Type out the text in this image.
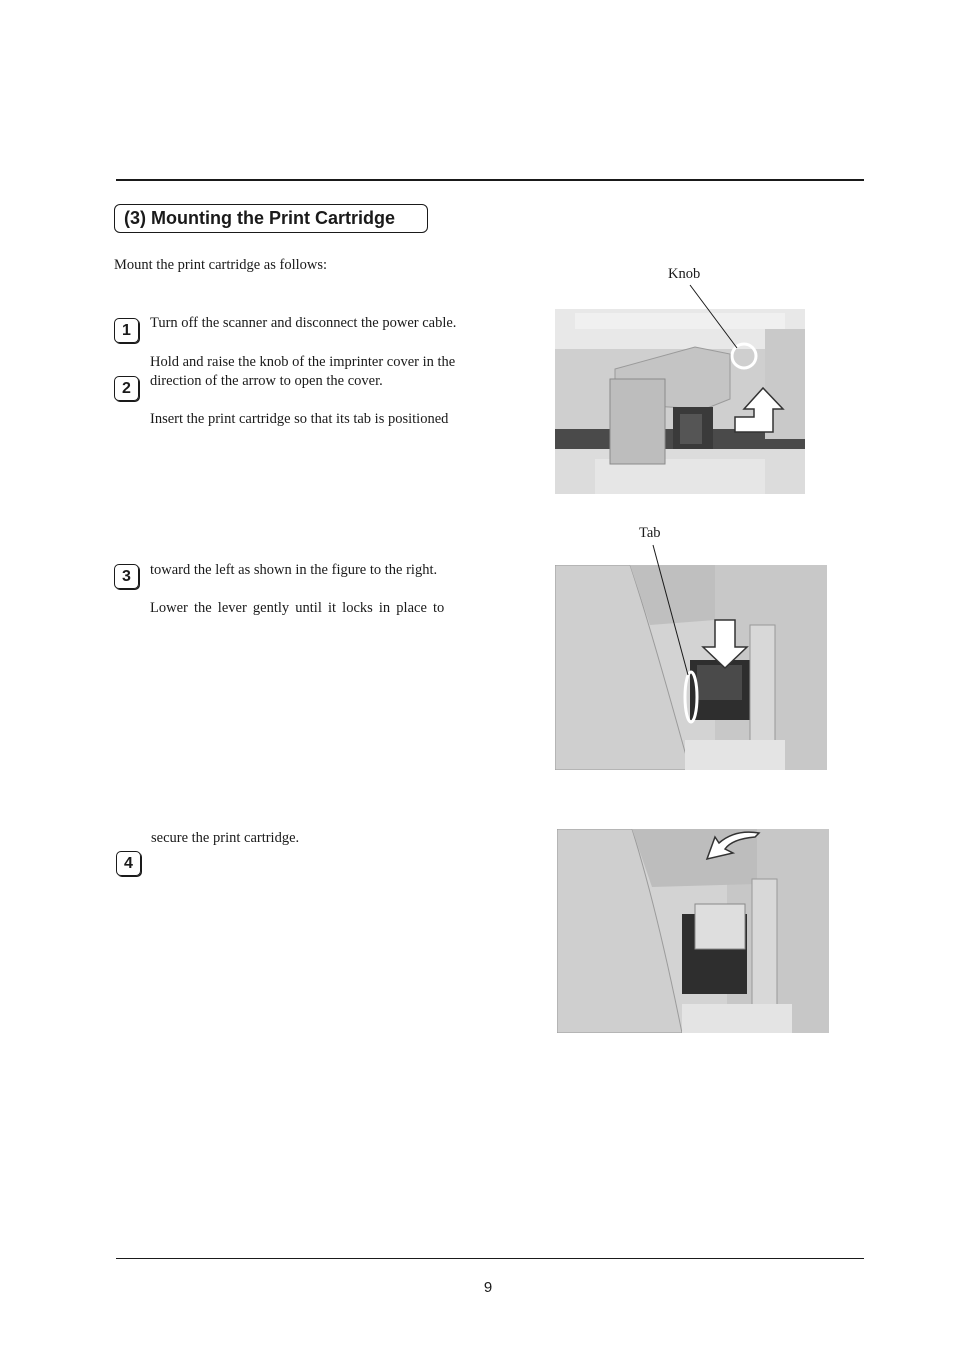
(3) Mounting the Print Cartridge
Mount the print cartridge as follows:
1
2
3
4
Turn off the scanner and disconnect the power cable.
Hold and raise the knob of the imprinter cover in the
direction of the arrow to open the cover.
Insert the print cartridge so that its tab is positioned
toward the left as shown in the figure to the right.
Lower the lever gently until it locks in place to
secure the print cartridge.
Knob
Tab
9
